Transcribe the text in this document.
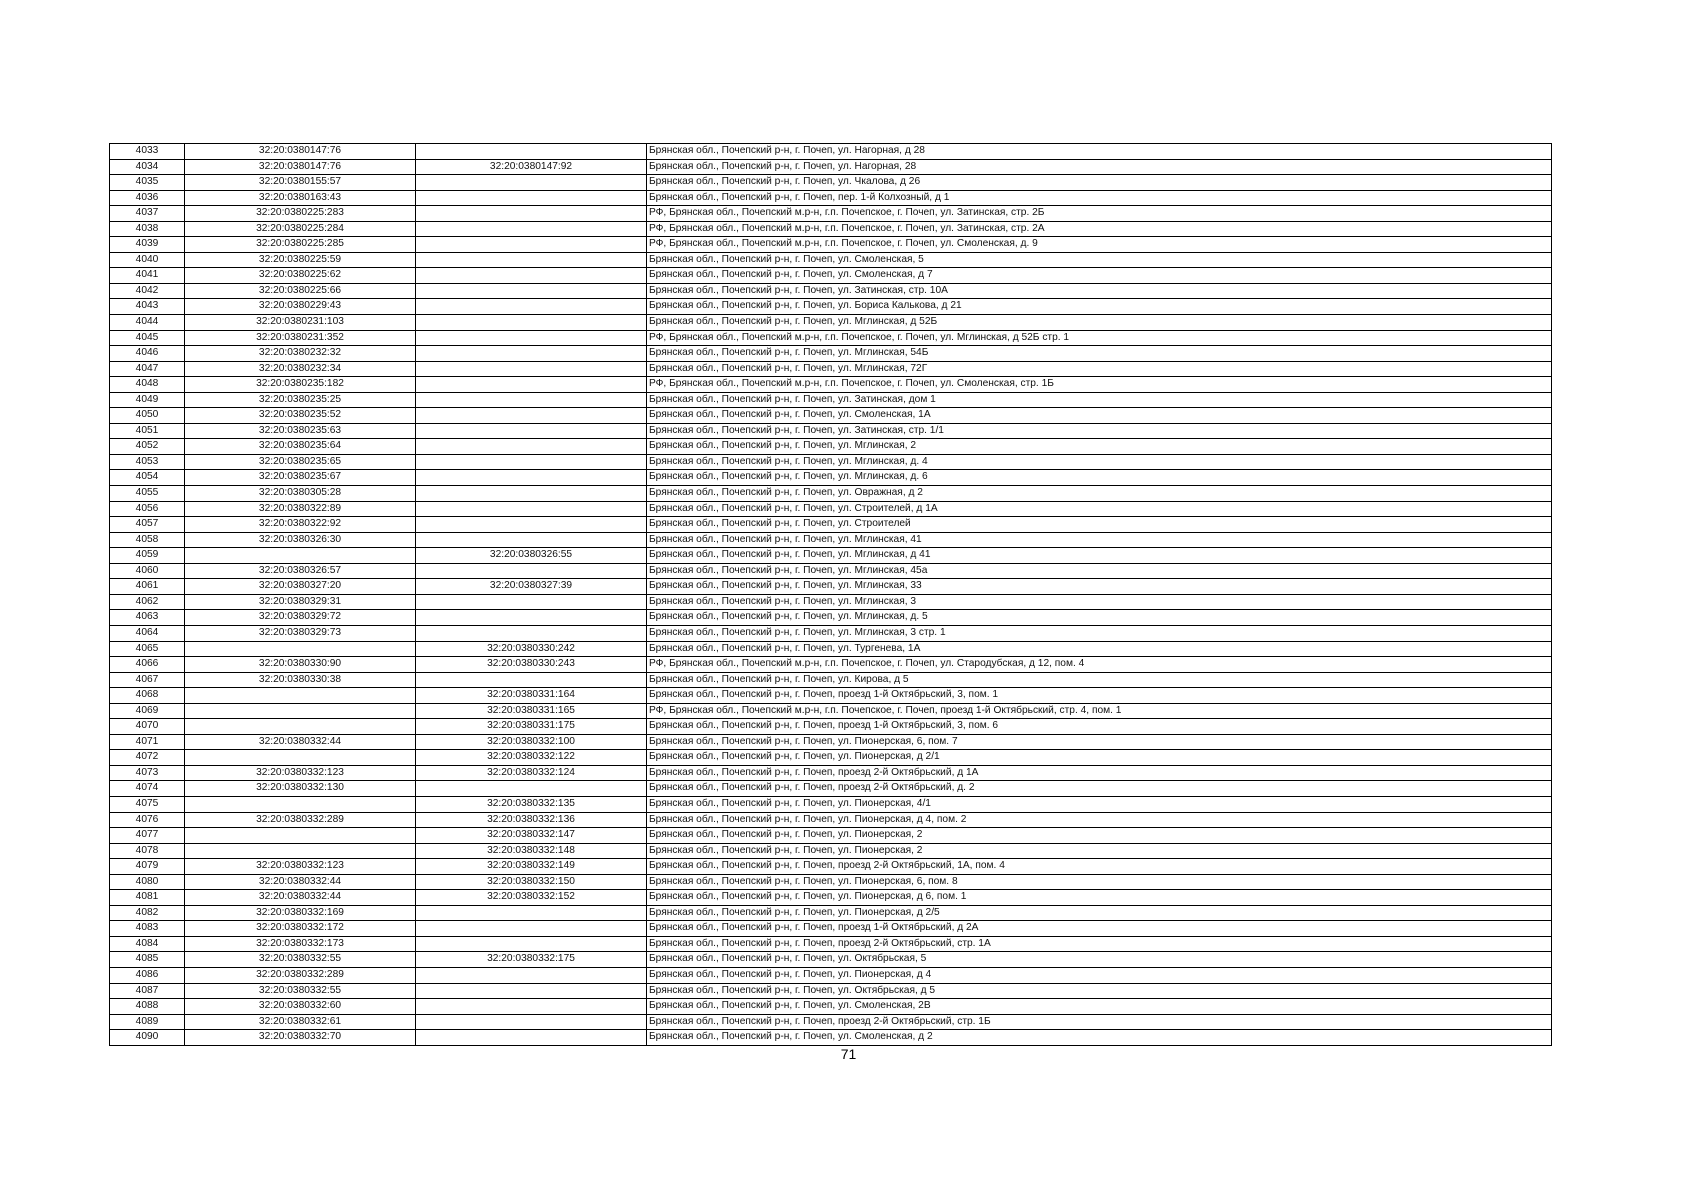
4033	32:20:0380147:76		Брянская обл., Почепский р-н, г. Почеп, ул. Нагорная, д 28
4034	32:20:0380147:76	32:20:0380147:92	Брянская обл., Почепский р-н, г. Почеп, ул. Нагорная, 28
4035	32:20:0380155:57		Брянская обл., Почепский р-н, г. Почеп, ул. Чкалова, д 26
4036	32:20:0380163:43		Брянская обл., Почепский р-н, г. Почеп, пер. 1-й Колхозный, д 1
4037	32:20:0380225:283		РФ, Брянская обл., Почепский м.р-н, г.п. Почепское, г. Почеп, ул. Затинская, стр. 2Б
4038	32:20:0380225:284		РФ, Брянская обл., Почепский м.р-н, г.п. Почепское, г. Почеп, ул. Затинская, стр. 2А
4039	32:20:0380225:285		РФ, Брянская обл., Почепский м.р-н, г.п. Почепское, г. Почеп, ул. Смоленская, д. 9
4040	32:20:0380225:59		Брянская обл., Почепский р-н, г. Почеп, ул. Смоленская, 5
4041	32:20:0380225:62		Брянская обл., Почепский р-н, г. Почеп, ул. Смоленская, д 7
4042	32:20:0380225:66		Брянская обл., Почепский р-н, г. Почеп, ул. Затинская, стр. 10А
4043	32:20:0380229:43		Брянская обл., Почепский р-н, г. Почеп, ул. Бориса Калькова, д 21
4044	32:20:0380231:103		Брянская обл., Почепский р-н, г. Почеп, ул. Мглинская, д 52Б
4045	32:20:0380231:352		РФ, Брянская обл., Почепский м.р-н, г.п. Почепское, г. Почеп, ул. Мглинская, д 52Б стр. 1
4046	32:20:0380232:32		Брянская обл., Почепский р-н, г. Почеп, ул. Мглинская, 54Б
4047	32:20:0380232:34		Брянская обл., Почепский р-н, г. Почеп, ул. Мглинская, 72Г
4048	32:20:0380235:182		РФ, Брянская обл., Почепский м.р-н, г.п. Почепское, г. Почеп, ул. Смоленская, стр. 1Б
4049	32:20:0380235:25		Брянская обл., Почепский р-н, г. Почеп, ул. Затинская, дом 1
4050	32:20:0380235:52		Брянская обл., Почепский р-н, г. Почеп, ул. Смоленская, 1А
4051	32:20:0380235:63		Брянская обл., Почепский р-н, г. Почеп, ул. Затинская, стр. 1/1
4052	32:20:0380235:64		Брянская обл., Почепский р-н, г. Почеп, ул. Мглинская, 2
4053	32:20:0380235:65		Брянская обл., Почепский р-н, г. Почеп, ул. Мглинская, д. 4
4054	32:20:0380235:67		Брянская обл., Почепский р-н, г. Почеп, ул. Мглинская, д. 6
4055	32:20:0380305:28		Брянская обл., Почепский р-н, г. Почеп, ул. Овражная, д 2
4056	32:20:0380322:89		Брянская обл., Почепский р-н, г. Почеп, ул. Строителей, д 1А
4057	32:20:0380322:92		Брянская обл., Почепский р-н, г. Почеп, ул. Строителей
4058	32:20:0380326:30		Брянская обл., Почепский р-н, г. Почеп, ул. Мглинская, 41
4059		32:20:0380326:55	Брянская обл., Почепский р-н, г. Почеп, ул. Мглинская, д 41
4060	32:20:0380326:57		Брянская обл., Почепский р-н, г. Почеп, ул. Мглинская, 45а
4061	32:20:0380327:20	32:20:0380327:39	Брянская обл., Почепский р-н, г. Почеп, ул. Мглинская, 33
4062	32:20:0380329:31		Брянская обл., Почепский р-н, г. Почеп, ул. Мглинская, 3
4063	32:20:0380329:72		Брянская обл., Почепский р-н, г. Почеп, ул. Мглинская, д. 5
4064	32:20:0380329:73		Брянская обл., Почепский р-н, г. Почеп, ул. Мглинская, 3 стр. 1
4065		32:20:0380330:242	Брянская обл., Почепский р-н, г. Почеп, ул. Тургенева, 1А
4066	32:20:0380330:90	32:20:0380330:243	РФ, Брянская обл., Почепский м.р-н, г.п. Почепское, г. Почеп, ул. Стародубская, д 12, пом. 4
4067	32:20:0380330:38		Брянская обл., Почепский р-н, г. Почеп, ул. Кирова, д 5
4068		32:20:0380331:164	Брянская обл., Почепский р-н, г. Почеп, проезд 1-й Октябрьский, 3, пом. 1
4069		32:20:0380331:165	РФ, Брянская обл., Почепский м.р-н, г.п. Почепское, г. Почеп, проезд 1-й Октябрьский, стр. 4, пом. 1
4070		32:20:0380331:175	Брянская обл., Почепский р-н, г. Почеп, проезд 1-й Октябрьский, 3, пом. 6
4071	32:20:0380332:44	32:20:0380332:100	Брянская обл., Почепский р-н, г. Почеп, ул. Пионерская, 6, пом. 7
4072		32:20:0380332:122	Брянская обл., Почепский р-н, г. Почеп, ул. Пионерская, д 2/1
4073	32:20:0380332:123	32:20:0380332:124	Брянская обл., Почепский р-н, г. Почеп, проезд 2-й Октябрьский, д 1А
4074	32:20:0380332:130		Брянская обл., Почепский р-н, г. Почеп, проезд 2-й Октябрьский, д. 2
4075		32:20:0380332:135	Брянская обл., Почепский р-н, г. Почеп, ул. Пионерская, 4/1
4076	32:20:0380332:289	32:20:0380332:136	Брянская обл., Почепский р-н, г. Почеп, ул. Пионерская, д 4, пом. 2
4077		32:20:0380332:147	Брянская обл., Почепский р-н, г. Почеп, ул. Пионерская, 2
4078		32:20:0380332:148	Брянская обл., Почепский р-н, г. Почеп, ул. Пионерская, 2
4079	32:20:0380332:123	32:20:0380332:149	Брянская обл., Почепский р-н, г. Почеп, проезд 2-й Октябрьский, 1А, пом. 4
4080	32:20:0380332:44	32:20:0380332:150	Брянская обл., Почепский р-н, г. Почеп, ул. Пионерская, 6, пом. 8
4081	32:20:0380332:44	32:20:0380332:152	Брянская обл., Почепский р-н, г. Почеп, ул. Пионерская, д 6, пом. 1
4082	32:20:0380332:169		Брянская обл., Почепский р-н, г. Почеп, ул. Пионерская, д 2/5
4083	32:20:0380332:172		Брянская обл., Почепский р-н, г. Почеп, проезд 1-й Октябрьский, д 2А
4084	32:20:0380332:173		Брянская обл., Почепский р-н, г. Почеп, проезд 2-й Октябрьский, стр. 1А
4085	32:20:0380332:55	32:20:0380332:175	Брянская обл., Почепский р-н, г. Почеп, ул. Октябрьская, 5
4086	32:20:0380332:289		Брянская обл., Почепский р-н, г. Почеп, ул. Пионерская, д 4
4087	32:20:0380332:55		Брянская обл., Почепский р-н, г. Почеп, ул. Октябрьская, д 5
4088	32:20:0380332:60		Брянская обл., Почепский р-н, г. Почеп, ул. Смоленская, 2В
4089	32:20:0380332:61		Брянская обл., Почепский р-н, г. Почеп, проезд 2-й Октябрьский, стр. 1Б
4090	32:20:0380332:70		Брянская обл., Почепский р-н, г. Почеп, ул. Смоленская, д 2
71
